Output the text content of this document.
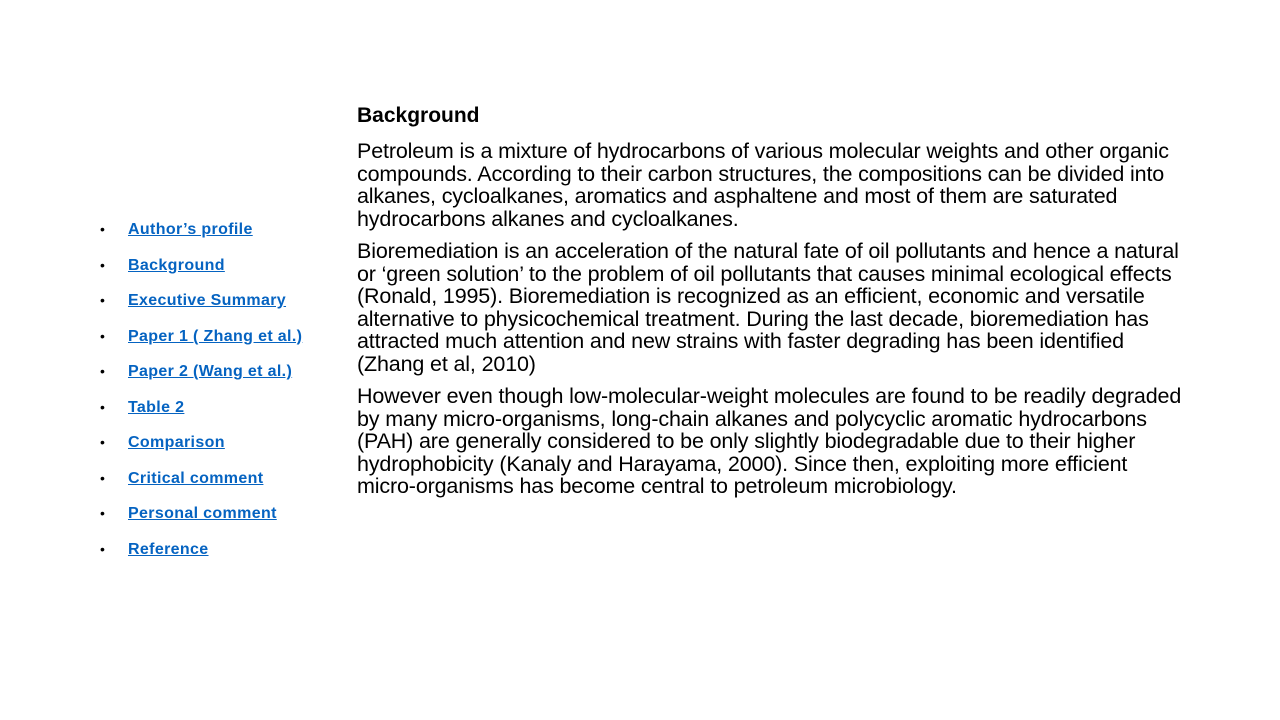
• Author’s profile
• Background
• Executive Summary
• Paper 1 ( Zhang et al.)
• Paper 2 (Wang et al.)
• Table 2
• Comparison
• Critical comment
• Personal comment
• Reference
Background

Petroleum is a mixture of hydrocarbons of various molecular weights and other organic compounds. According to their carbon structures, the compositions can be divided into alkanes, cycloalkanes, aromatics and asphaltene and most of them are saturated hydrocarbons alkanes and cycloalkanes.

Bioremediation is an acceleration of the natural fate of oil pollutants and hence a natural or ‘green solution’ to the problem of oil pollutants that causes minimal ecological effects (Ronald, 1995). Bioremediation is recognized as an efficient, economic and versatile alternative to physicochemical treatment. During the last decade, bioremediation has attracted much attention and new strains with faster degrading has been identified (Zhang et al, 2010)

However even though low-molecular-weight molecules are found to be readily degraded by many micro-organisms, long-chain alkanes and polycyclic aromatic hydrocarbons (PAH) are generally considered to be only slightly biodegradable due to their higher hydrophobicity (Kanaly and Harayama, 2000). Since then, exploiting more efficient micro-organisms has become central to petroleum microbiology.
